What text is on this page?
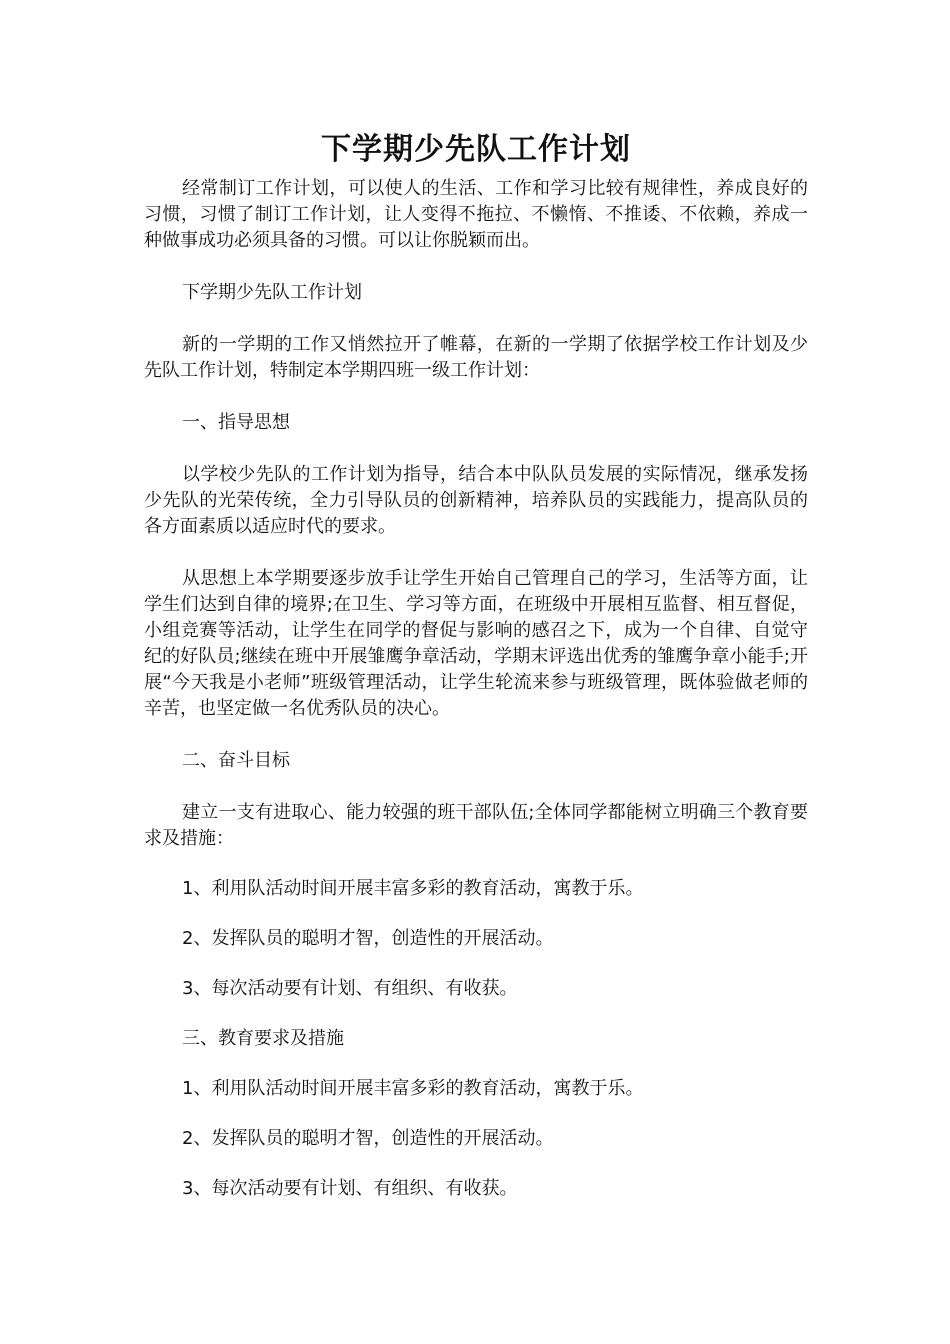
下学期少先队工作计划

经常制订工作计划，可以使人的生活、工作和学习比较有规律性，养成良好的习惯，习惯了制订工作计划，让人变得不拖拉、不懒惰、不推诿、不依赖，养成一种做事成功必须具备的习惯。可以让你脱颖而出。

下学期少先队工作计划

新的一学期的工作又悄然拉开了帷幕，在新的一学期了依据学校工作计划及少先队工作计划，特制定本学期四班一级工作计划：

一、指导思想

以学校少先队的工作计划为指导，结合本中队队员发展的实际情况，继承发扬少先队的光荣传统，全力引导队员的创新精神，培养队员的实践能力，提高队员的各方面素质以适应时代的要求。

从思想上本学期要逐步放手让学生开始自己管理自己的学习，生活等方面，让学生们达到自律的境界;在卫生、学习等方面，在班级中开展相互监督、相互督促，小组竞赛等活动，让学生在同学的督促与影响的感召之下，成为一个自律、自觉守纪的好队员;继续在班中开展雏鹰争章活动，学期末评选出优秀的雏鹰争章小能手;开展“今天我是小老师”班级管理活动，让学生轮流来参与班级管理，既体验做老师的辛苦，也坚定做一名优秀队员的决心。

二、奋斗目标

建立一支有进取心、能力较强的班干部队伍;全体同学都能树立明确三个教育要求及措施：

1、利用队活动时间开展丰富多彩的教育活动，寓教于乐。

2、发挥队员的聪明才智，创造性的开展活动。

3、每次活动要有计划、有组织、有收获。

三、教育要求及措施

1、利用队活动时间开展丰富多彩的教育活动，寓教于乐。

2、发挥队员的聪明才智，创造性的开展活动。

3、每次活动要有计划、有组织、有收获。
